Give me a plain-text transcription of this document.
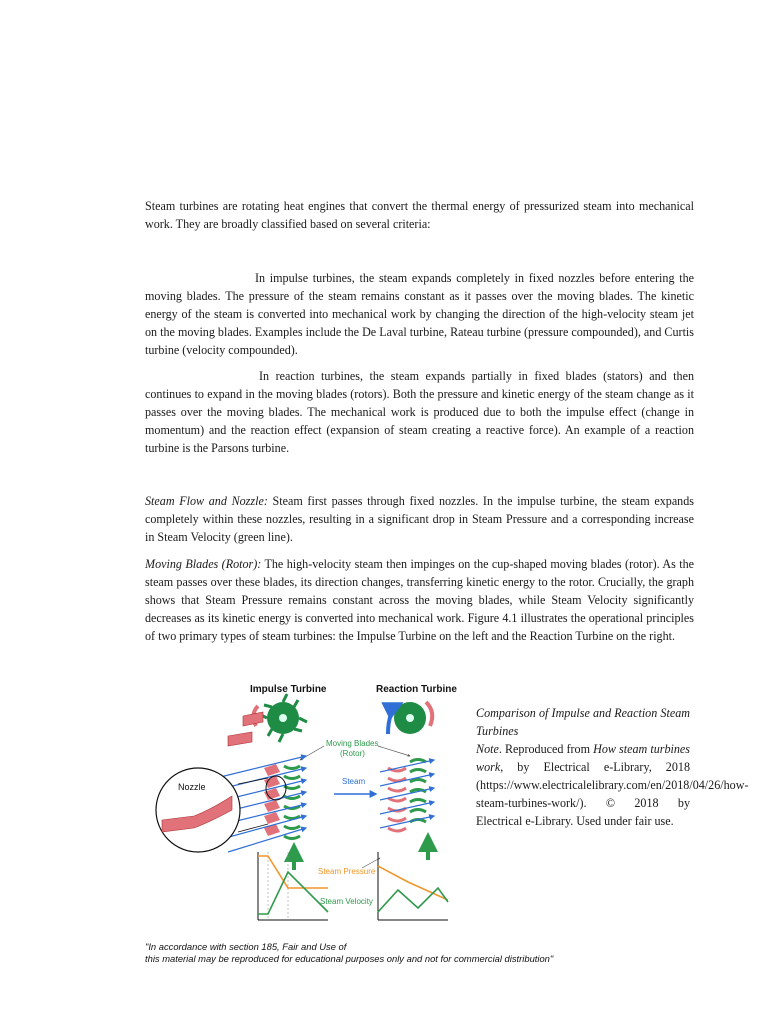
Steam turbines are rotating heat engines that convert the thermal energy of pressurized steam into mechanical work. They are broadly classified based on several criteria:

In impulse turbines, the steam expands completely in fixed nozzles before entering the moving blades. The pressure of the steam remains constant as it passes over the moving blades. The kinetic energy of the steam is converted into mechanical work by changing the direction of the high-velocity steam jet on the moving blades. Examples include the De Laval turbine, Rateau turbine (pressure compounded), and Curtis turbine (velocity compounded).

In reaction turbines, the steam expands partially in fixed blades (stators) and then continues to expand in the moving blades (rotors). Both the pressure and kinetic energy of the steam change as it passes over the moving blades. The mechanical work is produced due to both the impulse effect (change in momentum) and the reaction effect (expansion of steam creating a reactive force). An example of a reaction turbine is the Parsons turbine.

Steam Flow and Nozzle: Steam first passes through fixed nozzles. In the impulse turbine, the steam expands completely within these nozzles, resulting in a significant drop in Steam Pressure and a corresponding increase in Steam Velocity (green line).

Moving Blades (Rotor): The high-velocity steam then impinges on the cup-shaped moving blades (rotor). As the steam passes over these blades, its direction changes, transferring kinetic energy to the rotor. Crucially, the graph shows that Steam Pressure remains constant across the moving blades, while Steam Velocity significantly decreases as its kinetic energy is converted into mechanical work. Figure 4.1 illustrates the operational principles of two primary types of steam turbines: the Impulse Turbine on the left and the Reaction Turbine on the right.

Impulse Turbine	Reaction Turbine
Moving Blades
(Rotor)
Steam
Nozzle
Steam Pressure
Steam Velocity
Comparison of Impulse and Reaction Steam Turbines
Note. Reproduced from How steam turbines work, by Electrical e-Library, 2018 (https://www.electricalelibrary.com/en/2018/04/26/how-steam-turbines-work/). © 2018 by Electrical e-Library. Used under fair use.
"In accordance with section 185, Fair and Use of
this material may be reproduced for educational purposes only and not for commercial distribution"
